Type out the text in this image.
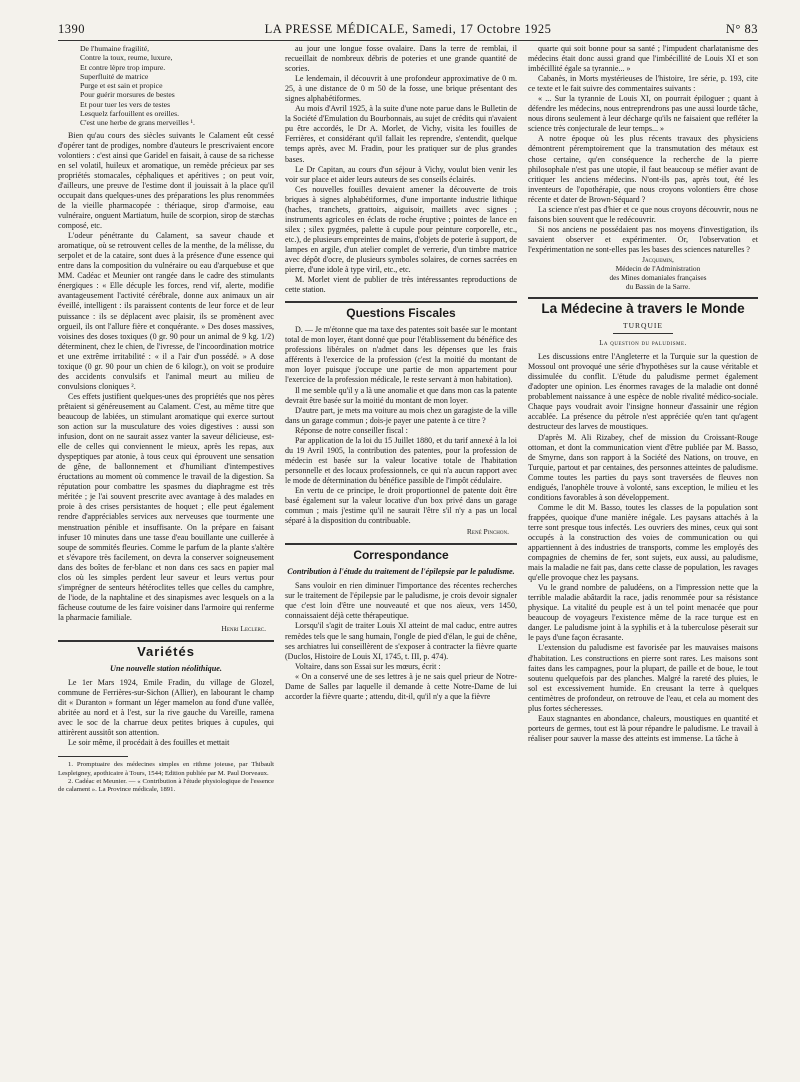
1390	LA PRESSE MÉDICALE, Samedi, 17 Octobre 1925	N° 83
De l'humaine fragilité,
Contre la toux, reume, luxure,
Et contre lèpre trop impure.
Superfluité de matrice
Purge et est sain et propice
Pour guérir morsures de bestes
Et pour tuer les vers de testes
Lesquelz farfouillent es oreilles.
C'est une herbe de grans merveilles ¹.

Bien qu'au cours des siècles suivants le Calament eût cessé d'opérer tant de prodiges, nombre d'auteurs le prescrivaient encore volontiers : c'est ainsi que Garidel en faisait, à cause de sa richesse en sel volatil, huileux et aromatique, un remède précieux par ses propriétés stomacales, céphaliques et apéritives ; on peut voir, d'ailleurs, une preuve de l'estime dont il jouissait à la place qu'il occupait dans quelques-unes des préparations les plus renommées de la vieille pharmacopée : thériaque, sirop d'armoise, eau vulnéraire, onguent Martiatum, huile de scorpion, sirop de stæchas composé, etc.

L'odeur pénétrante du Calament, sa saveur chaude et aromatique, où se retrouvent celles de la menthe, de la mélisse, du serpolet et de la cataire, sont dues à la présence d'une essence qui entre dans la composition du vulnéraire ou eau d'arquebuse et que MM. Cadéac et Meunier ont rangée dans le cadre des stimulants énergiques : « Elle décuple les forces, rend vif, alerte, modifie avantageusement l'activité cérébrale, donne aux animaux un air éveillé, intelligent : ils paraissent contents de leur force et de leur puissance : ils se déplacent avec plaisir, ils se promènent avec orgueil, ils ont l'allure fière et conquérante. » Des doses massives, voisines des doses toxiques (0 gr. 90 pour un animal de 9 kg. 1/2) déterminent, chez le chien, de l'ivresse, de l'incoordination motrice et une extrême irritabilité : « il a l'air d'un possédé. » A dose toxique (0 gr. 90 pour un chien de 6 kilogr.), on voit se produire des accidents convulsifs et l'animal meurt au milieu de convulsions cloniques ².

Ces effets justifient quelques-unes des propriétés que nos pères prêtaient si généreusement au Calament. C'est, au même titre que beaucoup de labiées, un stimulant aromatique qui exerce surtout son action sur la musculature des voies digestives : aussi son infusion, dont on ne saurait assez vanter la saveur délicieuse, est-elle de celles qui conviennent le mieux, après les repas, aux dyspeptiques par atonie, à tous ceux qui éprouvent une sensation de gêne, de ballonnement et d'humiliant d'intempestives éructations au moment où commence le travail de la digestion. Sa réputation pour combattre les spasmes du diaphragme est très méritée ; je l'ai souvent prescrite avec avantage à des malades en proie à des crises persistantes de hoquet ; elle peut également rendre d'appréciables services aux nerveuses que tourmente une menstruation pénible et insuffisante. On la prépare en faisant infuser 10 minutes dans une tasse d'eau bouillante une cuillerée à soupe de sommités fleuries. Comme le parfum de la plante s'altère et s'évapore très facilement, on devra la conserver soigneusement dans des boîtes de fer-blanc et non dans ces sacs en papier mal clos où les simples perdent leur saveur et leurs vertus pour s'imprégner de senteurs hétéroclites telles que celles du camphre, de l'iode, de la naphtaline et des sinapismes avec lesquels on a la fâcheuse coutume de les faire voisiner dans l'armoire qui renferme la pharmacie familiale.

Henri Leclerc.
Variétés
Une nouvelle station néolithique.

Le 1er Mars 1924, Emile Fradin, du village de Glozel, commune de Ferrières-sur-Sichon (Allier), en labourant le champ dit « Duranton » formant un léger mamelon au fond d'une vallée, abritée au nord et à l'est, sur la rive gauche du Vareille, ramena avec le soc de la charrue deux petites briques à cupules, qui attirèrent aussitôt son attention.

Le soir même, il procédait à des fouilles et mettait

1. Promptuaire des médecines simples en rithme joieuse, par Thibault Lespleigney, apothicaire à Tours, 1544; Edition publiée par M. Paul Dorveaux.

2. Cadéac et Meunier. — « Contribution à l'étude physiologique de l'essence de calament ». La Province médicale, 1891.

au jour une longue fosse ovalaire. Dans la terre de remblai, il recueillait de nombreux débris de poteries et une grande quantité de scories.

Le lendemain, il découvrit à une profondeur approximative de 0 m. 25, à une distance de 0 m 50 de la fosse, une brique présentant des signes alphabétiformes.

Au mois d'Avril 1925, à la suite d'une note parue dans le Bulletin de la Société d'Emulation du Bourbonnais, au sujet de crédits qui n'avaient pu être accordés, le Dr A. Morlet, de Vichy, visita les fouilles de Ferrières, et considérant qu'il fallait les reprendre, s'entendit, quelque temps après, avec M. Fradin, pour les pratiquer sur de plus grandes bases.

Le Dr Capitan, au cours d'un séjour à Vichy, voulut bien venir les voir sur place et aider leurs auteurs de ses conseils éclairés.

Ces nouvelles fouilles devaient amener la découverte de trois briques à signes alphabétiformes, d'une importante industrie lithique (haches, tranchets, grattoirs, aiguisoir, maillets avec signes ; instruments agricoles en éclats de roche éruptive ; pointes de lance en silex ; silex pygmées, palette à cupule pour peinture corporelle, etc., etc.), de plusieurs empreintes de mains, d'objets de poterie à support, de lampes en argile, d'un atelier complet de verrerie, d'un timbre matrice avec dépôt d'ocre, de plusieurs symboles solaires, de cornes sacrées en pierre, d'une idole à type viril, etc., etc.

M. Morlet vient de publier de très intéressantes reproductions de cette station.

Questions Fiscales

D. — Je m'étonne que ma taxe des patentes soit basée sur le montant total de mon loyer, étant donné que pour l'établissement du bénéfice des professions libérales on n'admet dans les dépenses que les frais afférents à l'exercice de la profession (c'est la moitié du montant de mon loyer puisque j'occupe une partie de mon appartement pour l'exercice de la profession médicale, le reste servant à mon habitation).

Il me semble qu'il y a là une anomalie et que dans mon cas la patente devrait être basée sur la moitié du montant de mon loyer.

D'autre part, je mets ma voiture au mois chez un garagiste de la ville dans un garage commun ; dois-je payer une patente à ce titre ?

Réponse de notre conseiller fiscal :

Par application de la loi du 15 Juillet 1880, et du tarif annexé à la loi du 19 Avril 1905, la contribution des patentes, pour la profession de médecin est basée sur la valeur locative totale de l'habitation personnelle et des locaux professionnels, ce qui n'a aucun rapport avec le mode de détermination du bénéfice passible de l'impôt cédulaire.

En vertu de ce principe, le droit proportionnel de patente doit être basé également sur la valeur locative d'un box privé dans un garage commun ; mais j'estime qu'il ne saurait l'être s'il n'y a pas un local séparé à la disposition du contribuable.

René Pinchon.
Correspondance
Contribution à l'étude du traitement de l'épilepsie par le paludisme.

Sans vouloir en rien diminuer l'importance des récentes recherches sur le traitement de l'épilepsie par le paludisme, je crois devoir signaler que c'est loin d'être une nouveauté et que nos aïeux, vers 1450, connaissaient déjà cette thérapeutique.

Lorsqu'il s'agit de traiter Louis XI atteint de mal caduc, entre autres remèdes tels que le sang humain, l'ongle de pied d'élan, le gui de chêne, ses archiatres lui conseillèrent de s'exposer à contracter la fièvre quarte (Duclos, Histoire de Louis XI, 1745, t. III, p. 474).

Voltaire, dans son Essai sur les mœurs, écrit :

« On a conservé une de ses lettres à je ne sais quel prieur de Notre-Dame de Salles par laquelle il demande à cette Notre-Dame de lui accorder la fièvre quarte ; attendu, dit-il, qu'il n'y a que la fièvre

quarte qui soit bonne pour sa santé ; l'impudent charlatanisme des médecins était donc aussi grand que l'imbécillité de Louis XI et son imbécillité égale sa tyrannie... »

Cabanès, in Morts mystérieuses de l'histoire, 1re série, p. 193, cite ce texte et le fait suivre des commentaires suivants :

« ... Sur la tyrannie de Louis XI, on pourrait épiloguer ; quant à défendre les médecins, nous entreprendrons pas une aussi lourde tâche, nous dirons seulement à leur décharge qu'ils ne faisaient que refléter la science très conjecturale de leur temps... »

A notre époque où les plus récents travaux des physiciens démontrent péremptoirement que la transmutation des métaux est chose certaine, qu'en conséquence la recherche de la pierre philosophale n'est pas une utopie, il faut beaucoup se méfier avant de critiquer les anciens médecins. N'ont-ils pas, après tout, été les inventeurs de l'opothérapie, que nous croyons volontiers être chose récente et dater de Brown-Séquard ?

La science n'est pas d'hier et ce que nous croyons découvrir, nous ne faisons bien souvent que le redécouvrir.

Si nos anciens ne possédaient pas nos moyens d'investigation, ils savaient observer et expérimenter. Or, l'observation et l'expérimentation ne sont-elles pas les bases des sciences naturelles ?

Jacquemin,
Médecin de l'Administration
des Mines domaniales françaises
du Bassin de la Sarre.
La Médecine à travers le Monde
TURQUIE
La question du paludisme.

Les discussions entre l'Angleterre et la Turquie sur la question de Mossoul ont provoqué une série d'hypothèses sur la cause véritable et dissimulée du conflit. L'étude du paludisme permet également d'adopter une opinion. Les énormes ravages de la maladie ont donné probablement naissance à une espèce de noble rivalité médico-sociale. Chaque pays voudrait avoir l'insigne honneur d'assainir une région accablée. La présence du pétrole n'est appréciée qu'en tant qu'agent destructeur des larves de moustiques.

D'après M. Ali Rizabey, chef de mission du Croissant-Rouge ottoman, et dont la communication vient d'être publiée par M. Basso, de Smyrne, dans son rapport à la Société des Nations, on trouve, en Turquie, partout et par centaines, des personnes atteintes de paludisme. Comme toutes les parties du pays sont traversées de fleuves non endigués, l'anophèle trouve à volonté, sans exception, le milieu et les conditions favorables à son développement.

Comme le dit M. Basso, toutes les classes de la population sont frappées, quoique d'une manière inégale. Les paysans attachés à la terre sont presque tous infectés. Les ouvriers des mines, ceux qui sont occupés à la construction des voies de communication ou qui appartiennent à des industries de transports, comme les employés des compagnies de chemins de fer, sont sujets, eux aussi, au paludisme, mais la maladie ne fait pas, dans cette classe de population, les ravages qu'elle provoque chez les paysans.

Vu le grand nombre de paludéens, on a l'impression nette que la terrible maladie abâtardit la race, jadis renommée pour sa résistance physique. La vitalité du peuple est à un tel point menacée que pour beaucoup de voyageurs l'existence même de la race turque est en danger. Le paludisme joint à la syphilis et à la tuberculose pèserait sur le pays d'une façon écrasante.

L'extension du paludisme est favorisée par les mauvaises maisons d'habitation. Les constructions en pierre sont rares. Les maisons sont faites dans les campagnes, pour la plupart, de paille et de boue, le tout soutenu quelquefois par des planches. Malgré la rareté des pluies, le sol est excessivement humide. En creusant la terre à quelques centimètres de profondeur, on retrouve de l'eau, et cela au moment des plus fortes sécheresses.

Eaux stagnantes en abondance, chaleurs, moustiques en quantité et porteurs de germes, tout est là pour répandre le paludisme. Le travail à réaliser pour sauver la masse des atteints est immense. La tâche à
